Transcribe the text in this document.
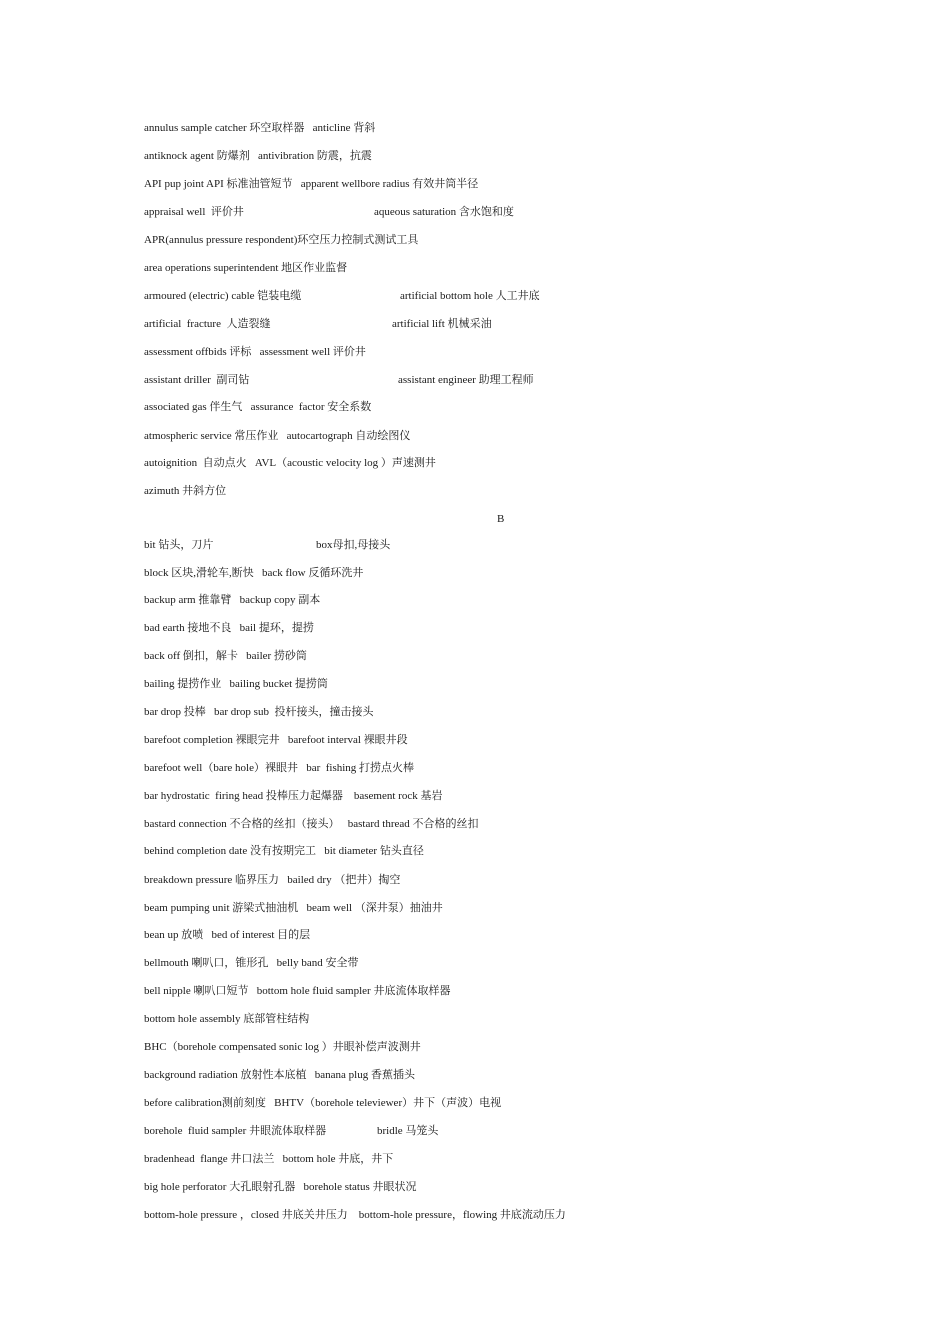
annulus sample catcher 环空取样器   anticline 背斜
antiknock agent 防爆剂   antivibration 防震，抗震
API pup joint API 标准油管短节   apparent wellbore radius 有效井筒半径
appraisal well  评价井	aqueous saturation 含水饱和度
APR(annulus pressure respondent)环空压力控制式测试工具
area operations superintendent 地区作业监督
armoured (electric) cable 铠装电缆	artificial bottom hole 人工井底
artificial  fracture  人造裂缝	artificial lift 机械采油
assessment offbids 评标   assessment well 评价井
assistant driller  副司钻	assistant engineer 助理工程师
associated gas 伴生气   assurance  factor 安全系数
atmospheric service 常压作业   autocartograph 自动绘图仪
autoignition  自动点火   AVL（acoustic velocity log ）声速测井
azimuth 井斜方位
B
bit 钻头，刀片	box母扣,母接头
block 区块,滑轮车,断快   back flow 反循环洗井
backup arm 推靠臂   backup copy 副本
bad earth 接地不良   bail 提环，提捞
back off 倒扣，解卡   bailer 捞砂筒
bailing 提捞作业   bailing bucket 提捞筒
bar drop 投棒   bar drop sub  投杆接头，撞击接头
barefoot completion 裸眼完井   barefoot interval 裸眼井段
barefoot well（bare hole）裸眼井   bar  fishing 打捞点火棒
bar hydrostatic  firing head 投棒压力起爆器    basement rock 基岩
bastard connection 不合格的丝扣（接头）   bastard thread 不合格的丝扣
behind completion date 没有按期完工   bit diameter 钻头直径
breakdown pressure 临界压力   bailed dry （把井）掏空
beam pumping unit 游梁式抽油机   beam well （深井泵）抽油井
bean up 放喷   bed of interest 目的层
bellmouth 喇叭口，锥形孔   belly band 安全带
bell nipple 喇叭口短节   bottom hole fluid sampler 井底流体取样器
bottom hole assembly 底部管柱结构
BHC（borehole compensated sonic log ）井眼补偿声波测井
background radiation 放射性本底植   banana plug 香蕉插头
before calibration测前刻度   BHTV（borehole televiewer）井下（声波）电视
borehole  fluid sampler 井眼流体取样器	bridle 马笼头
bradenhead  flange 井口法兰   bottom hole 井底，井下
big hole perforator 大孔眼射孔器   borehole status 井眼状况
bottom-hole pressure ，closed 井底关井压力    bottom-hole pressure，flowing 井底流动压力
